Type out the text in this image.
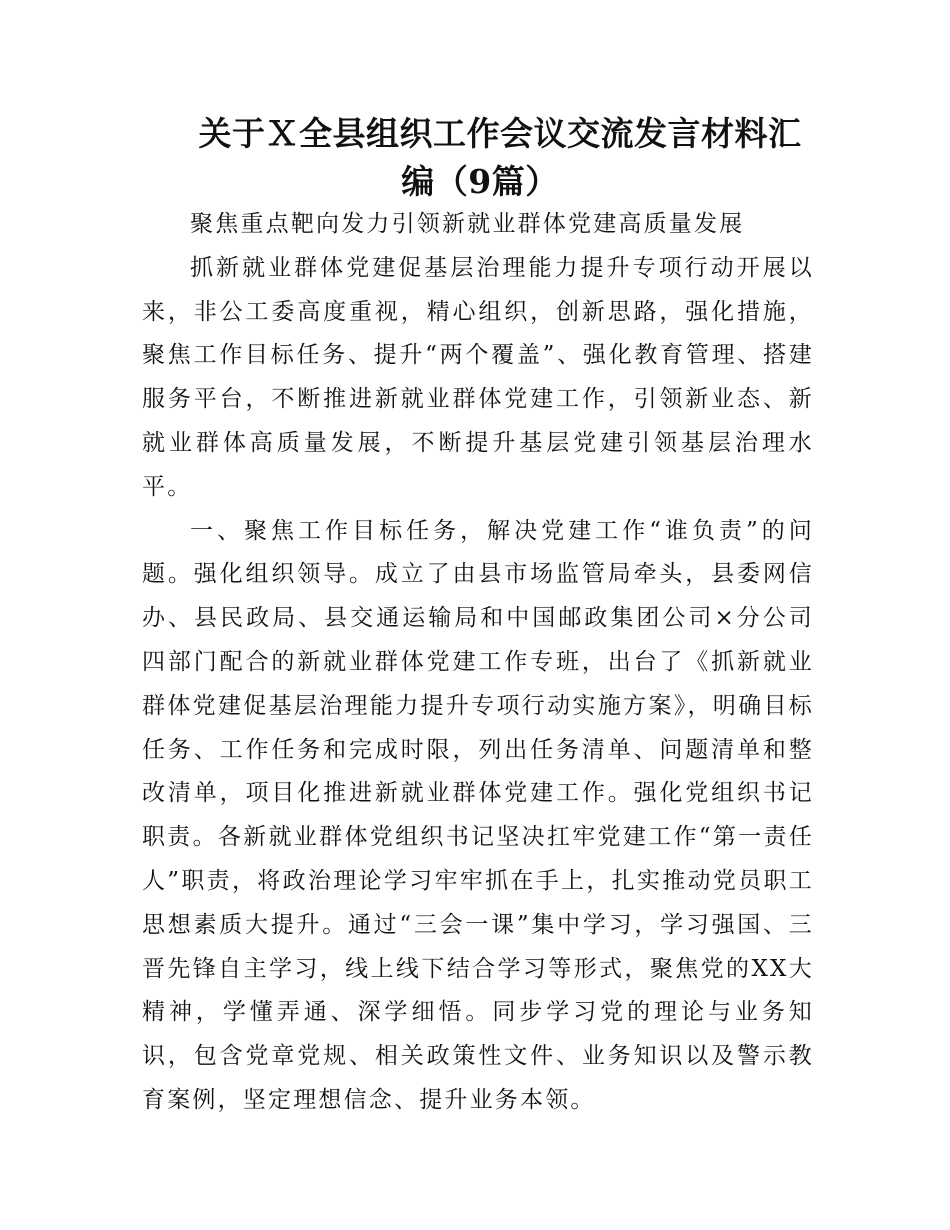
关于Ｘ全县组织工作会议交流发言材料汇
编（9篇）

聚焦重点靶向发力引领新就业群体党建高质量发展

抓新就业群体党建促基层治理能力提升专项行动开展以来，非公工委高度重视，精心组织，创新思路，强化措施，聚焦工作目标任务、提升“两个覆盖”、强化教育管理、搭建服务平台，不断推进新就业群体党建工作，引领新业态、新就业群体高质量发展，不断提升基层党建引领基层治理水平。

一、聚焦工作目标任务，解决党建工作“谁负责”的问题。强化组织领导。成立了由县市场监管局牵头，县委网信办、县民政局、县交通运输局和中国邮政集团公司×分公司四部门配合的新就业群体党建工作专班，出台了《抓新就业群体党建促基层治理能力提升专项行动实施方案》，明确目标任务、工作任务和完成时限，列出任务清单、问题清单和整改清单，项目化推进新就业群体党建工作。强化党组织书记职责。各新就业群体党组织书记坚决扛牢党建工作“第一责任人”职责，将政治理论学习牢牢抓在手上，扎实推动党员职工思想素质大提升。通过“三会一课”集中学习，学习强国、三晋先锋自主学习，线上线下结合学习等形式，聚焦党的XX大精神，学懂弄通、深学细悟。同步学习党的理论与业务知识，包含党章党规、相关政策性文件、业务知识以及警示教育案例，坚定理想信念、提升业务本领。
